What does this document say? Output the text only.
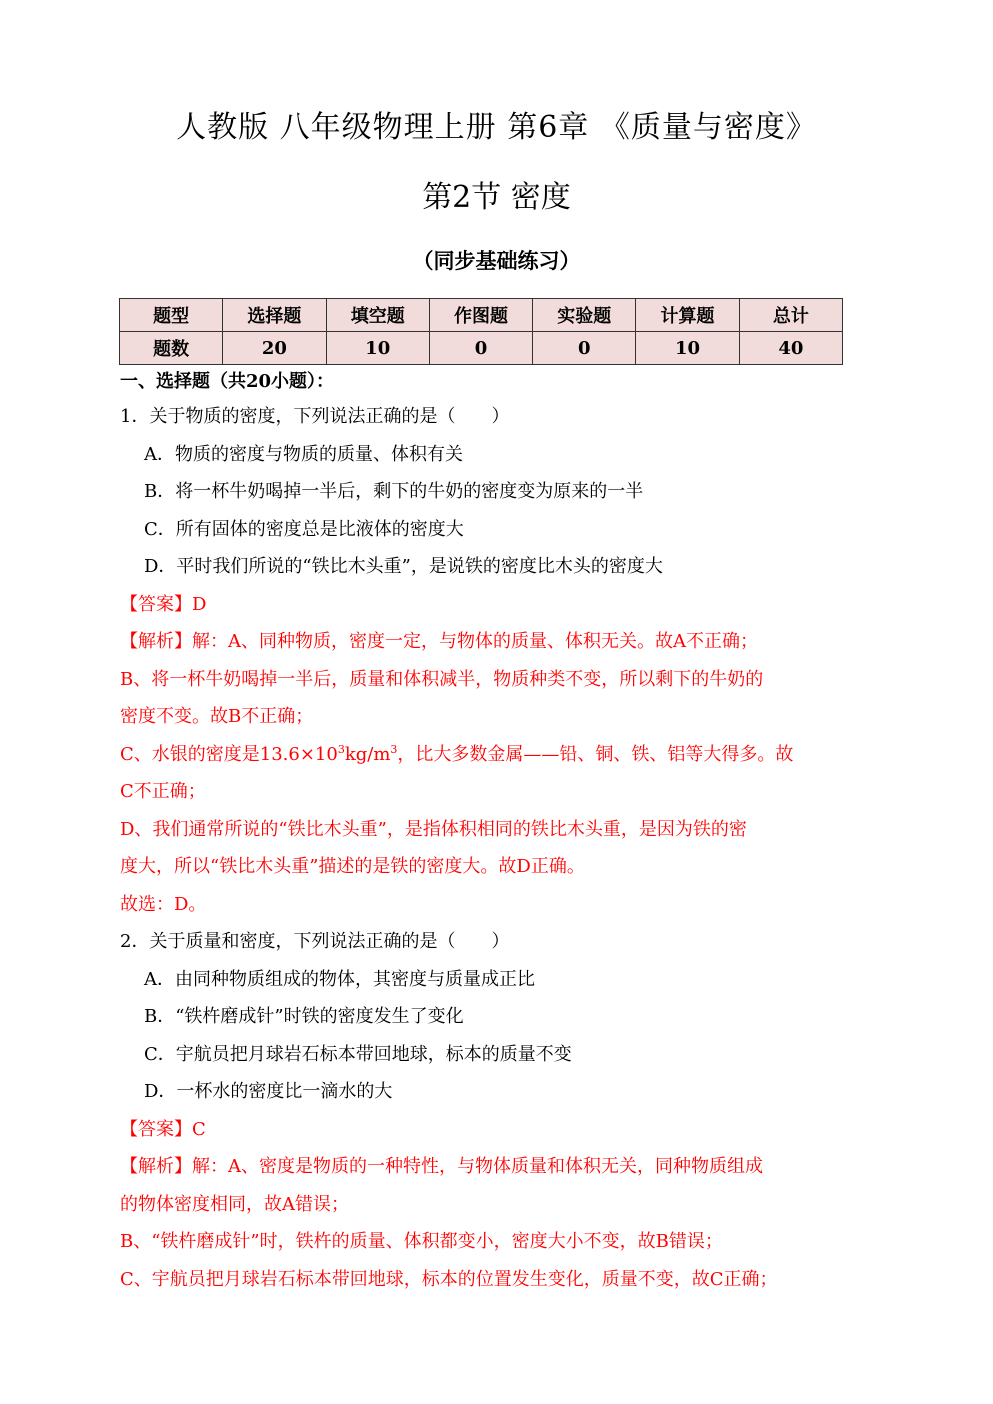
人教版 八年级物理上册 第6章 《质量与密度》
第2节 密度
（同步基础练习）
题型	选择题	填空题	作图题	实验题	计算题	总计
题数	20	10	0	0	10	40
一、选择题（共20小题）：
1．关于物质的密度，下列说法正确的是（　　）
A．物质的密度与物质的质量、体积有关
B．将一杯牛奶喝掉一半后，剩下的牛奶的密度变为原来的一半
C．所有固体的密度总是比液体的密度大
D．平时我们所说的“铁比木头重”，是说铁的密度比木头的密度大
【答案】D
【解析】解：A、同种物质，密度一定，与物体的质量、体积无关。故A不正确；
B、将一杯牛奶喝掉一半后，质量和体积减半，物质种类不变，所以剩下的牛奶的
密度不变。故B不正确；
C、水银的密度是$13.6\times 10^3kg/m^3$，比大多数金属——铅、铜、铁、铝等大得多。故
C不正确；
D、我们通常所说的“铁比木头重”，是指体积相同的铁比木头重，是因为铁的密
度大，所以“铁比木头重”描述的是铁的密度大。故D正确。
故选：D。
2．关于质量和密度，下列说法正确的是（　　）
A．由同种物质组成的物体，其密度与质量成正比
B．“铁杵磨成针”时铁的密度发生了变化
C．宇航员把月球岩石标本带回地球，标本的质量不变
D．一杯水的密度比一滴水的大
【答案】C
【解析】解：A、密度是物质的一种特性，与物体质量和体积无关，同种物质组成
的物体密度相同，故A错误；
B、“铁杵磨成针”时，铁杵的质量、体积都变小，密度大小不变，故B错误；
C、宇航员把月球岩石标本带回地球，标本的位置发生变化，质量不变，故C正确；
